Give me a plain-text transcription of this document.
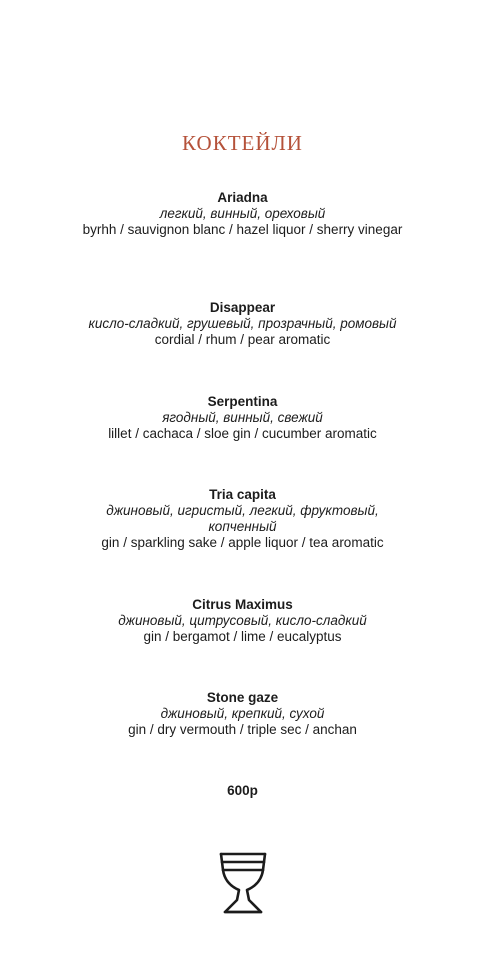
КОКТЕЙЛИ
Ariadna
легкий, винный, ореховый
byrhh / sauvignon blanc / hazel liquor / sherry vinegar
Disappear
кисло-сладкий, грушевый, прозрачный, ромовый
cordial / rhum / pear aromatic
Serpentina
ягодный, винный, свежий
lillet / cachaca / sloe gin / cucumber aromatic
Tria capita
джиновый, игристый, легкий, фруктовый, копченный
gin / sparkling sake / apple liquor / tea aromatic
Citrus Maximus
джиновый, цитрусовый, кисло-сладкий
gin / bergamot / lime / eucalyptus
Stone gaze
джиновый, крепкий, сухой
gin / dry vermouth / triple sec / anchan
600р
